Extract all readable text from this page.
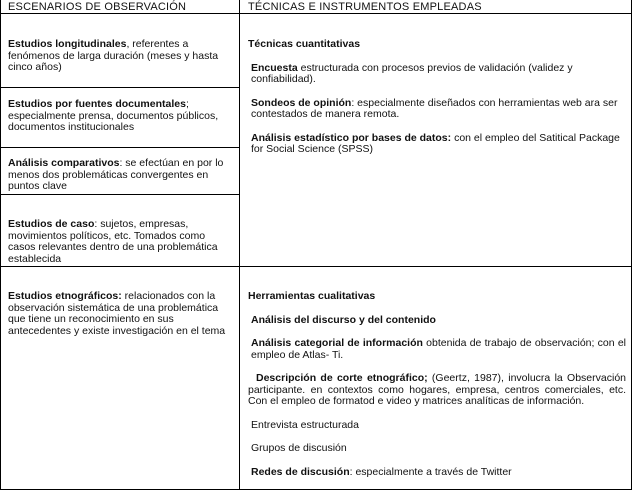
ESCENARIOS DE OBSERVACIÓN	TÉCNICAS E INSTRUMENTOS EMPLEADAS

Estudios longitudinales, referentes a fenómenos de larga duración (meses y hasta cinco años)

Estudios por fuentes documentales; especialmente prensa, documentos públicos, documentos institucionales

Análisis comparativos: se efectúan en por lo menos dos problemáticas convergentes en puntos clave

Estudios de caso: sujetos, empresas, movimientos políticos, etc. Tomados como casos relevantes dentro de una problemática establecida

Estudios etnográficos: relacionados con la observación sistemática de una problemática que tiene un reconocimiento en sus antecedentes y existe investigación en el tema

Técnicas cuantitativas

Encuesta estructurada con procesos previos de validación (validez y confiabilidad).

Sondeos de opinión: especialmente diseñados con herramientas web ara ser contestados de manera remota.

Análisis estadístico por bases de datos: con el empleo del Satitical Package for Social Science (SPSS)

Herramientas cualitativas

Análisis del discurso y del contenido

Análisis categorial de información obtenida de trabajo de observación; con el empleo de Atlas- Ti.

Descripción de corte etnográfico; (Geertz, 1987), involucra la Observación participante. en contextos como hogares, empresa, centros comerciales, etc. Con el empleo de formatod e video y matrices analíticas de información.

Entrevista estructurada

Grupos de discusión

Redes de discusión: especialmente a través de Twitter
